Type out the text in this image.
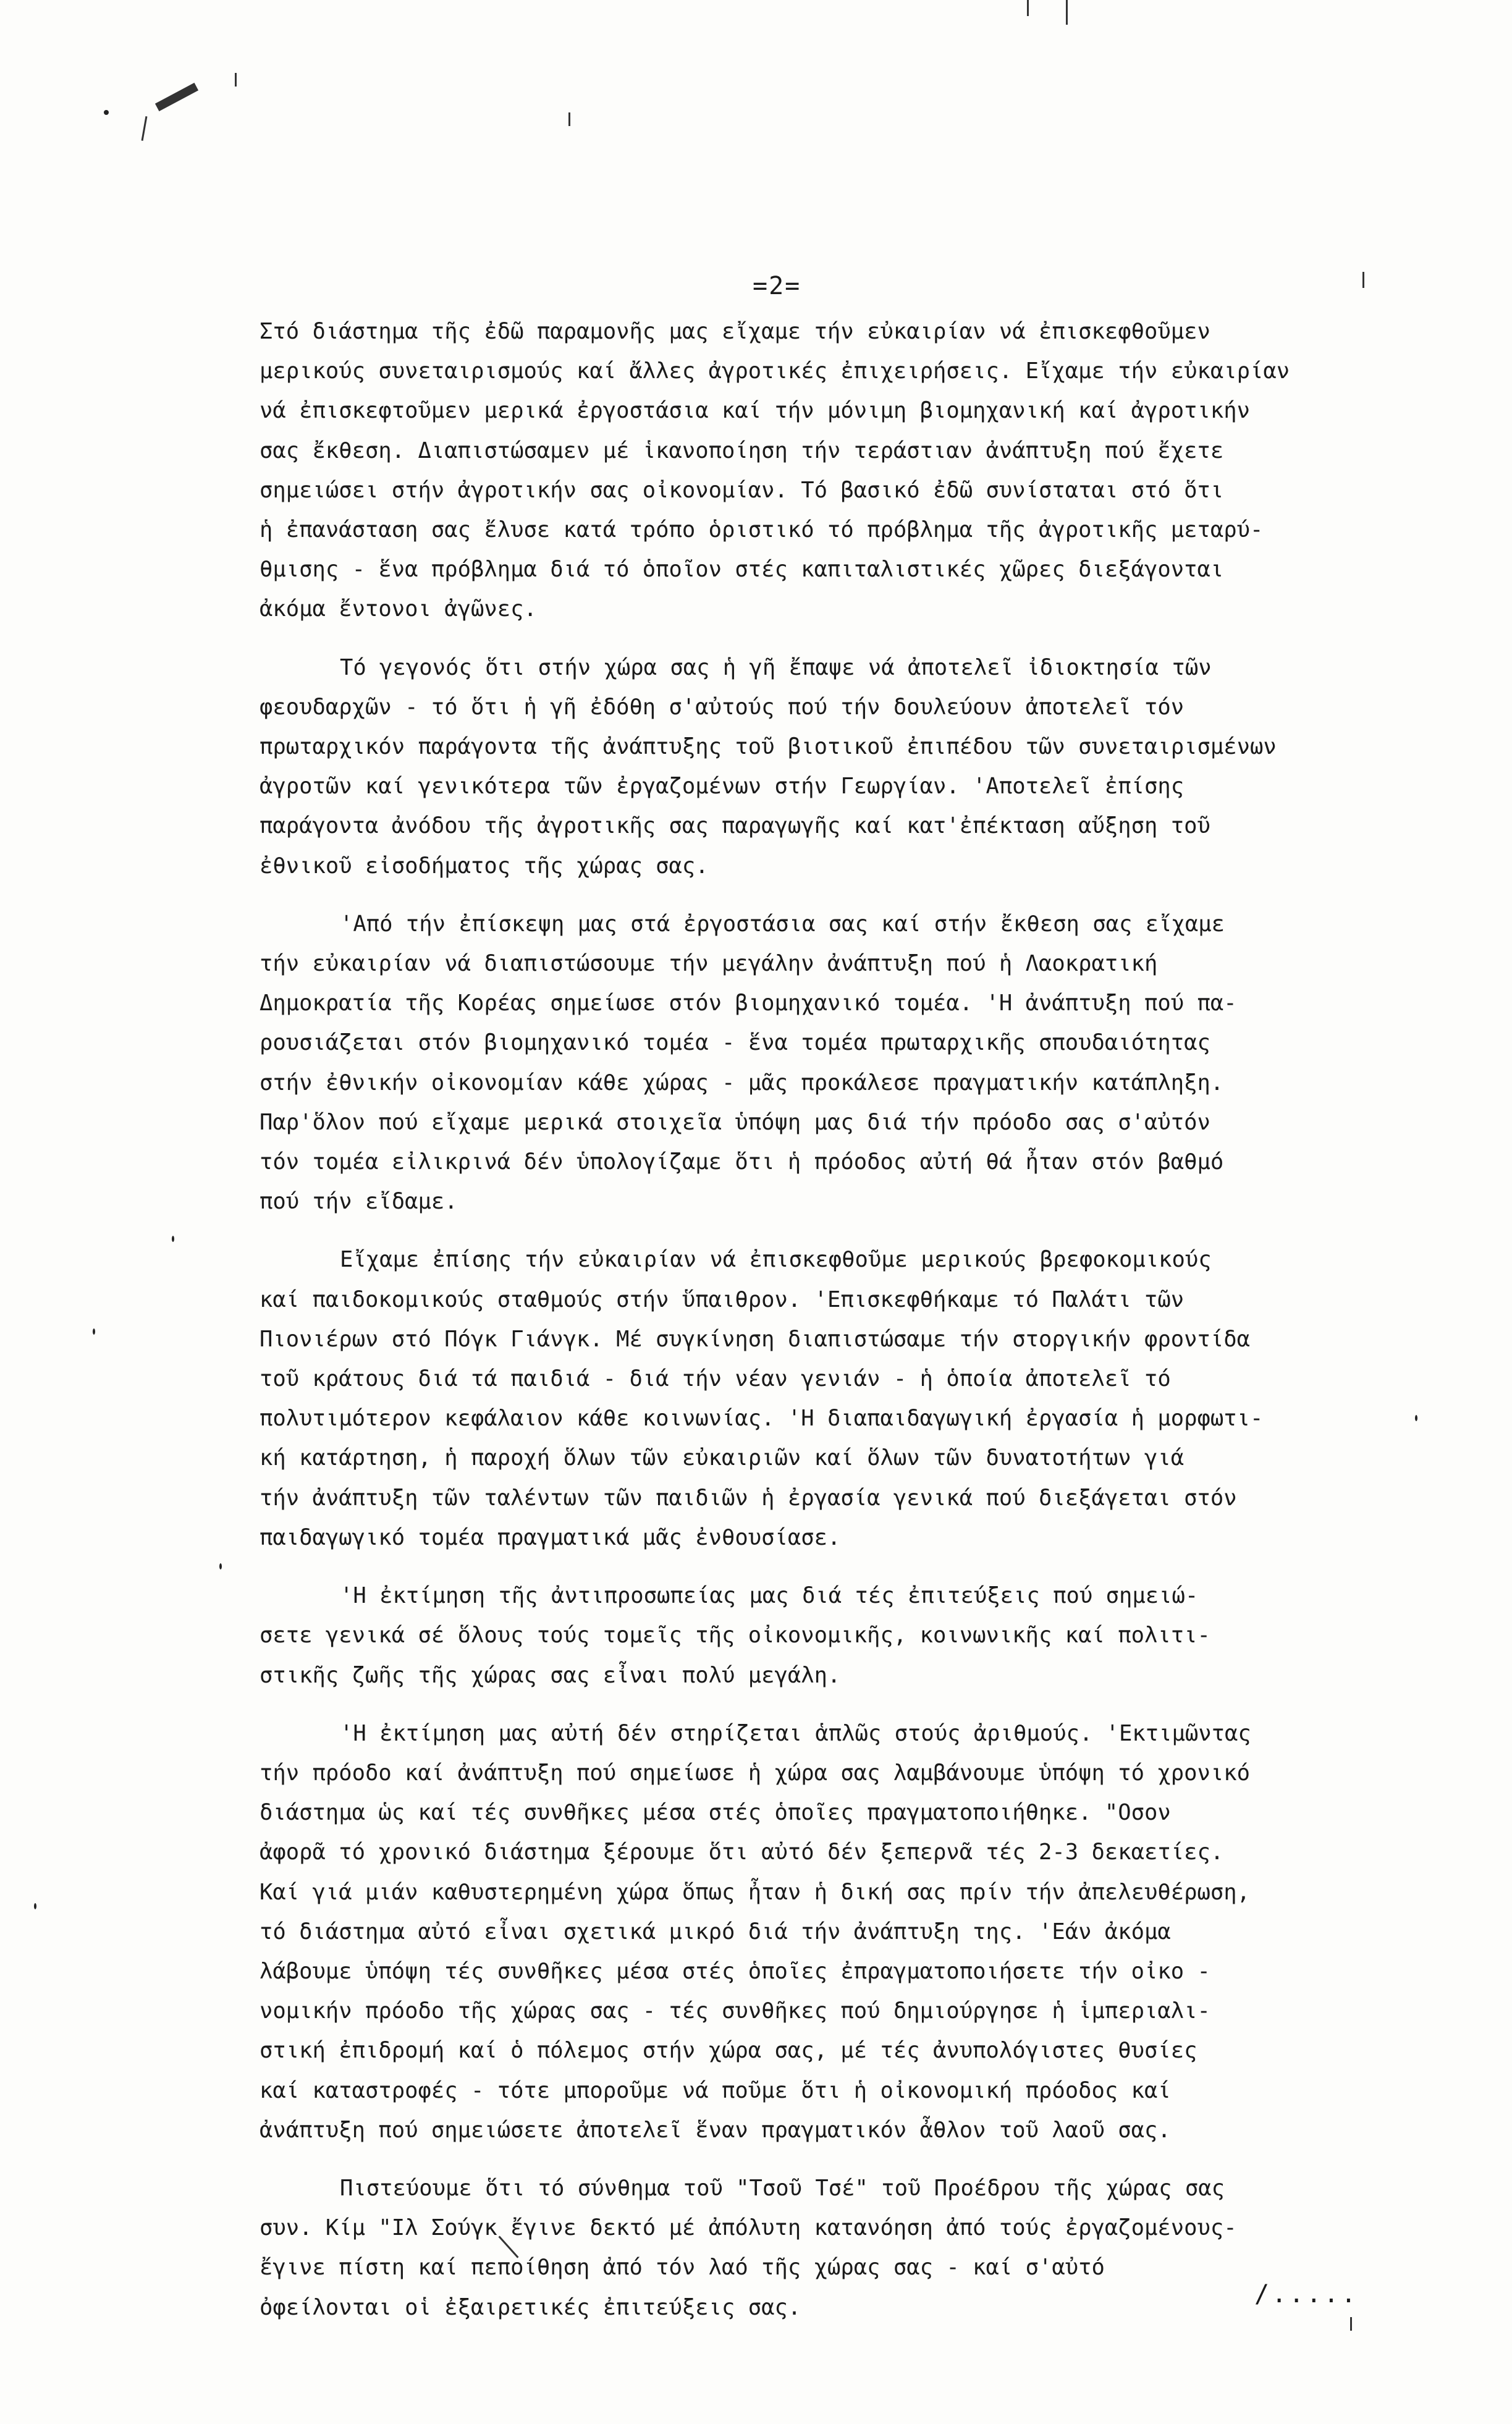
=2=
Στό διάστημα τῆς ἐδῶ παραμονῆς μας εἴχαμε τήν εὐκαιρίαν νά ἐπισκεφθοῦμεν
μερικούς συνεταιρισμούς καί ἄλλες ἀγροτικές ἐπιχειρήσεις. Εἴχαμε τήν εὐκαιρίαν
νά ἐπισκεφτοῦμεν μερικά ἐργοστάσια καί τήν μόνιμη βιομηχανική καί ἀγροτικήν
σας ἔκθεση. Διαπιστώσαμεν μέ ἱκανοποίηση τήν τεράστιαν ἀνάπτυξη πού ἔχετε
σημειώσει στήν ἀγροτικήν σας οἰκονομίαν. Τό βασικό ἐδῶ συνίσταται στό ὅτι
ἡ ἐπανάσταση σας ἔλυσε κατά τρόπο ὁριστικό τό πρόβλημα τῆς ἀγροτικῆς μεταρύ-
θμισης - ἕνα πρόβλημα διά τό ὁποῖον στές καπιταλιστικές χῶρες διεξάγονται
ἀκόμα ἔντονοι ἀγῶνες.
Τό γεγονός ὅτι στήν χώρα σας ἡ γῆ ἔπαψε νά ἀποτελεῖ ἰδιοκτησία τῶν
φεουδαρχῶν - τό ὅτι ἡ γῆ ἐδόθη σ'αὐτούς πού τήν δουλεύουν ἀποτελεῖ τόν
πρωταρχικόν παράγοντα τῆς ἀνάπτυξης τοῦ βιοτικοῦ ἐπιπέδου τῶν συνεταιρισμένων
ἀγροτῶν καί γενικότερα τῶν ἐργαζομένων στήν Γεωργίαν. 'Αποτελεῖ ἐπίσης
παράγοντα ἀνόδου τῆς ἀγροτικῆς σας παραγωγῆς καί κατ'ἐπέκταση αὔξηση τοῦ
ἐθνικοῦ εἰσοδήματος τῆς χώρας σας.
'Από τήν ἐπίσκεψη μας στά ἐργοστάσια σας καί στήν ἔκθεση σας εἴχαμε
τήν εὐκαιρίαν νά διαπιστώσουμε τήν μεγάλην ἀνάπτυξη πού ἡ Λαοκρατική
Δημοκρατία τῆς Κορέας σημείωσε στόν βιομηχανικό τομέα. 'Η ἀνάπτυξη πού πα-
ρουσιάζεται στόν βιομηχανικό τομέα - ἕνα τομέα πρωταρχικῆς σπουδαιότητας
στήν ἐθνικήν οἰκονομίαν κάθε χώρας - μᾶς προκάλεσε πραγματικήν κατάπληξη.
Παρ'ὅλον πού εἴχαμε μερικά στοιχεῖα ὑπόψη μας διά τήν πρόοδο σας σ'αὐτόν
τόν τομέα εἰλικρινά δέν ὑπολογίζαμε ὅτι ἡ πρόοδος αὐτή θά ἦταν στόν βαθμό
πού τήν εἴδαμε.
Εἴχαμε ἐπίσης τήν εὐκαιρίαν νά ἐπισκεφθοῦμε μερικούς βρεφοκομικούς
καί παιδοκομικούς σταθμούς στήν ὕπαιθρον. 'Επισκεφθήκαμε τό Παλάτι τῶν
Πιονιέρων στό Πόγκ Γιάνγκ. Μέ συγκίνηση διαπιστώσαμε τήν στοργικήν φροντίδα
τοῦ κράτους διά τά παιδιά - διά τήν νέαν γενιάν - ἡ ὁποία ἀποτελεῖ τό
πολυτιμότερον κεφάλαιον κάθε κοινωνίας. 'Η διαπαιδαγωγική ἐργασία ἡ μορφωτι-
κή κατάρτηση, ἡ παροχή ὅλων τῶν εὐκαιριῶν καί ὅλων τῶν δυνατοτήτων γιά
τήν ἀνάπτυξη τῶν ταλέντων τῶν παιδιῶν ἡ ἐργασία γενικά πού διεξάγεται στόν
παιδαγωγικό τομέα πραγματικά μᾶς ἐνθουσίασε.
'Η ἐκτίμηση τῆς ἀντιπροσωπείας μας διά τές ἐπιτεύξεις πού σημειώ-
σετε γενικά σέ ὅλους τούς τομεῖς τῆς οἰκονομικῆς, κοινωνικῆς καί πολιτι-
στικῆς ζωῆς τῆς χώρας σας εἶναι πολύ μεγάλη.
'Η ἐκτίμηση μας αὐτή δέν στηρίζεται ἁπλῶς στούς ἀριθμούς. 'Εκτιμῶντας
τήν πρόοδο καί ἀνάπτυξη πού σημείωσε ἡ χώρα σας λαμβάνουμε ὑπόψη τό χρονικό
διάστημα ὡς καί τές συνθῆκες μέσα στές ὁποῖες πραγματοποιήθηκε. "Οσον
ἀφορᾶ τό χρονικό διάστημα ξέρουμε ὅτι αὐτό δέν ξεπερνᾶ τές 2-3 δεκαετίες.
Καί γιά μιάν καθυστερημένη χώρα ὅπως ἦταν ἡ δική σας πρίν τήν ἀπελευθέρωση,
τό διάστημα αὐτό εἶναι σχετικά μικρό διά τήν ἀνάπτυξη της. 'Εάν ἀκόμα
λάβουμε ὑπόψη τές συνθῆκες μέσα στές ὁποῖες ἐπραγματοποιήσετε τήν οἰκο -
νομικήν πρόοδο τῆς χώρας σας - τές συνθῆκες πού δημιούργησε ἡ ἱμπεριαλι-
στική ἐπιδρομή καί ὁ πόλεμος στήν χώρα σας, μέ τές ἀνυπολόγιστες θυσίες
καί καταστροφές - τότε μποροῦμε νά ποῦμε ὅτι ἡ οἰκονομική πρόοδος καί
ἀνάπτυξη πού σημειώσετε ἀποτελεῖ ἕναν πραγματικόν ἆθλον τοῦ λαοῦ σας.
Πιστεύουμε ὅτι τό σύνθημα τοῦ "Τσοῦ Τσέ" τοῦ Προέδρου τῆς χώρας σας
συν. Κίμ "Ιλ Σούγκ ἔγινε δεκτό μέ ἀπόλυτη κατανόηση ἀπό τούς ἐργαζομένους-
ἔγινε πίστη καί πεποίθηση ἀπό τόν λαό τῆς χώρας σας - καί σ'αὐτό
ὀφείλονται οἱ ἐξαιρετικές ἐπιτεύξεις σας.	/.....
